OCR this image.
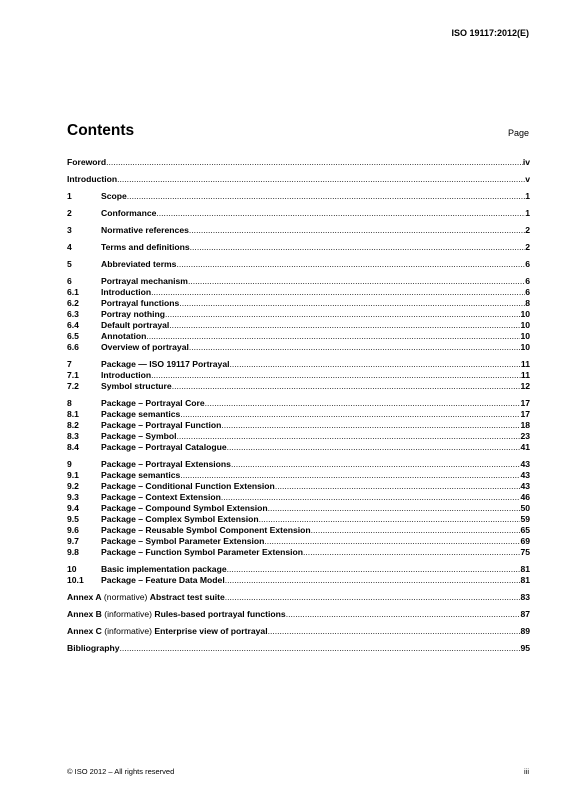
ISO 19117:2012(E)
Contents	Page
Foreword .....	iv
Introduction .....	v
1	Scope .....	1
2	Conformance .....	1
3	Normative references .....	2
4	Terms and definitions .....	2
5	Abbreviated terms .....	6
6	Portrayal mechanism .....	6
6.1	Introduction .....	6
6.2	Portrayal functions .....	8
6.3	Portray nothing .....	10
6.4	Default portrayal .....	10
6.5	Annotation .....	10
6.6	Overview of portrayal .....	10
7	Package — ISO 19117 Portrayal .....	11
7.1	Introduction .....	11
7.2	Symbol structure .....	12
8	Package – Portrayal Core .....	17
8.1	Package semantics .....	17
8.2	Package – Portrayal Function .....	18
8.3	Package – Symbol .....	23
8.4	Package – Portrayal Catalogue .....	41
9	Package – Portrayal Extensions .....	43
9.1	Package semantics .....	43
9.2	Package – Conditional Function Extension .....	43
9.3	Package – Context Extension .....	46
9.4	Package – Compound Symbol Extension .....	50
9.5	Package – Complex Symbol Extension .....	59
9.6	Package – Reusable Symbol Component Extension .....	65
9.7	Package – Symbol Parameter Extension .....	69
9.8	Package – Function Symbol Parameter Extension .....	75
10	Basic implementation package .....	81
10.1	Package – Feature Data Model .....	81
Annex A (normative) Abstract test suite .....	83
Annex B (informative) Rules-based portrayal functions .....	87
Annex C (informative) Enterprise view of portrayal .....	89
Bibliography .....	95
© ISO 2012 – All rights reserved	iii
